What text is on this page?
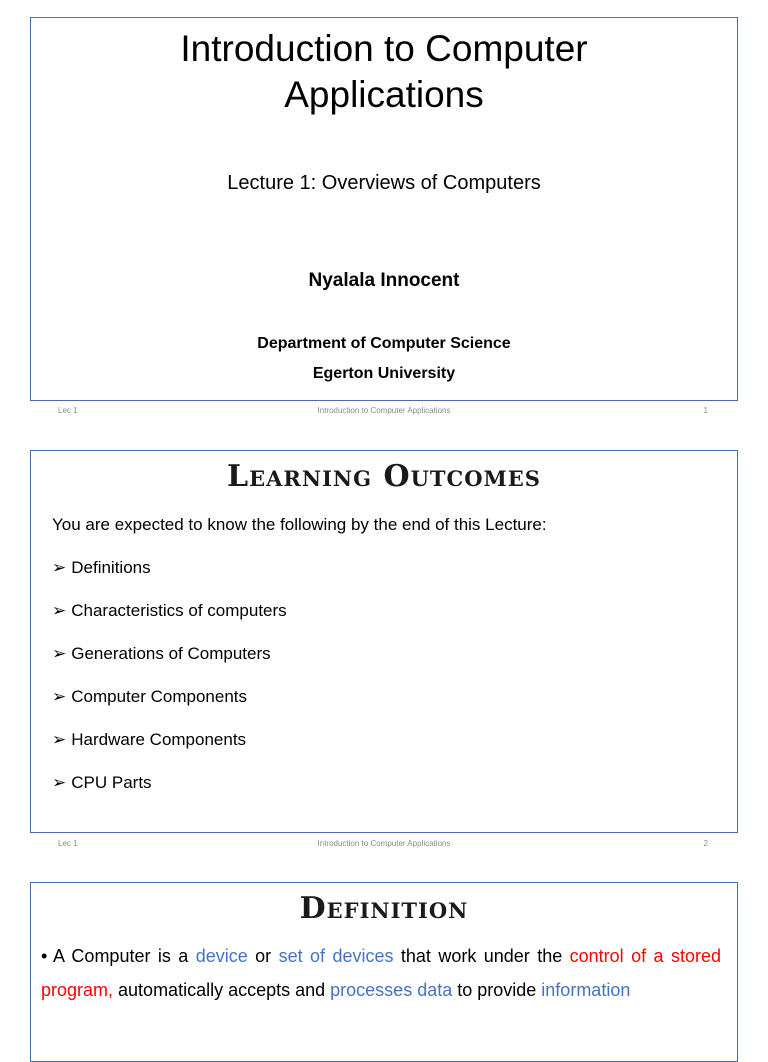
Introduction to Computer
Applications
Lecture 1: Overviews of Computers
Nyalala Innocent
Department of Computer Science
Egerton University
Lec 1	Introduction to Computer Applications	1
Learning Outcomes
You are expected to know the following by the end of this Lecture:
➢ Definitions
➢ Characteristics of computers
➢ Generations of Computers
➢ Computer Components
➢ Hardware Components
➢ CPU Parts
Lec 1	Introduction to Computer Applications	2
Definition
• A Computer is a device or set of devices that work under the control of a stored program, automatically accepts and processes data to provide information
